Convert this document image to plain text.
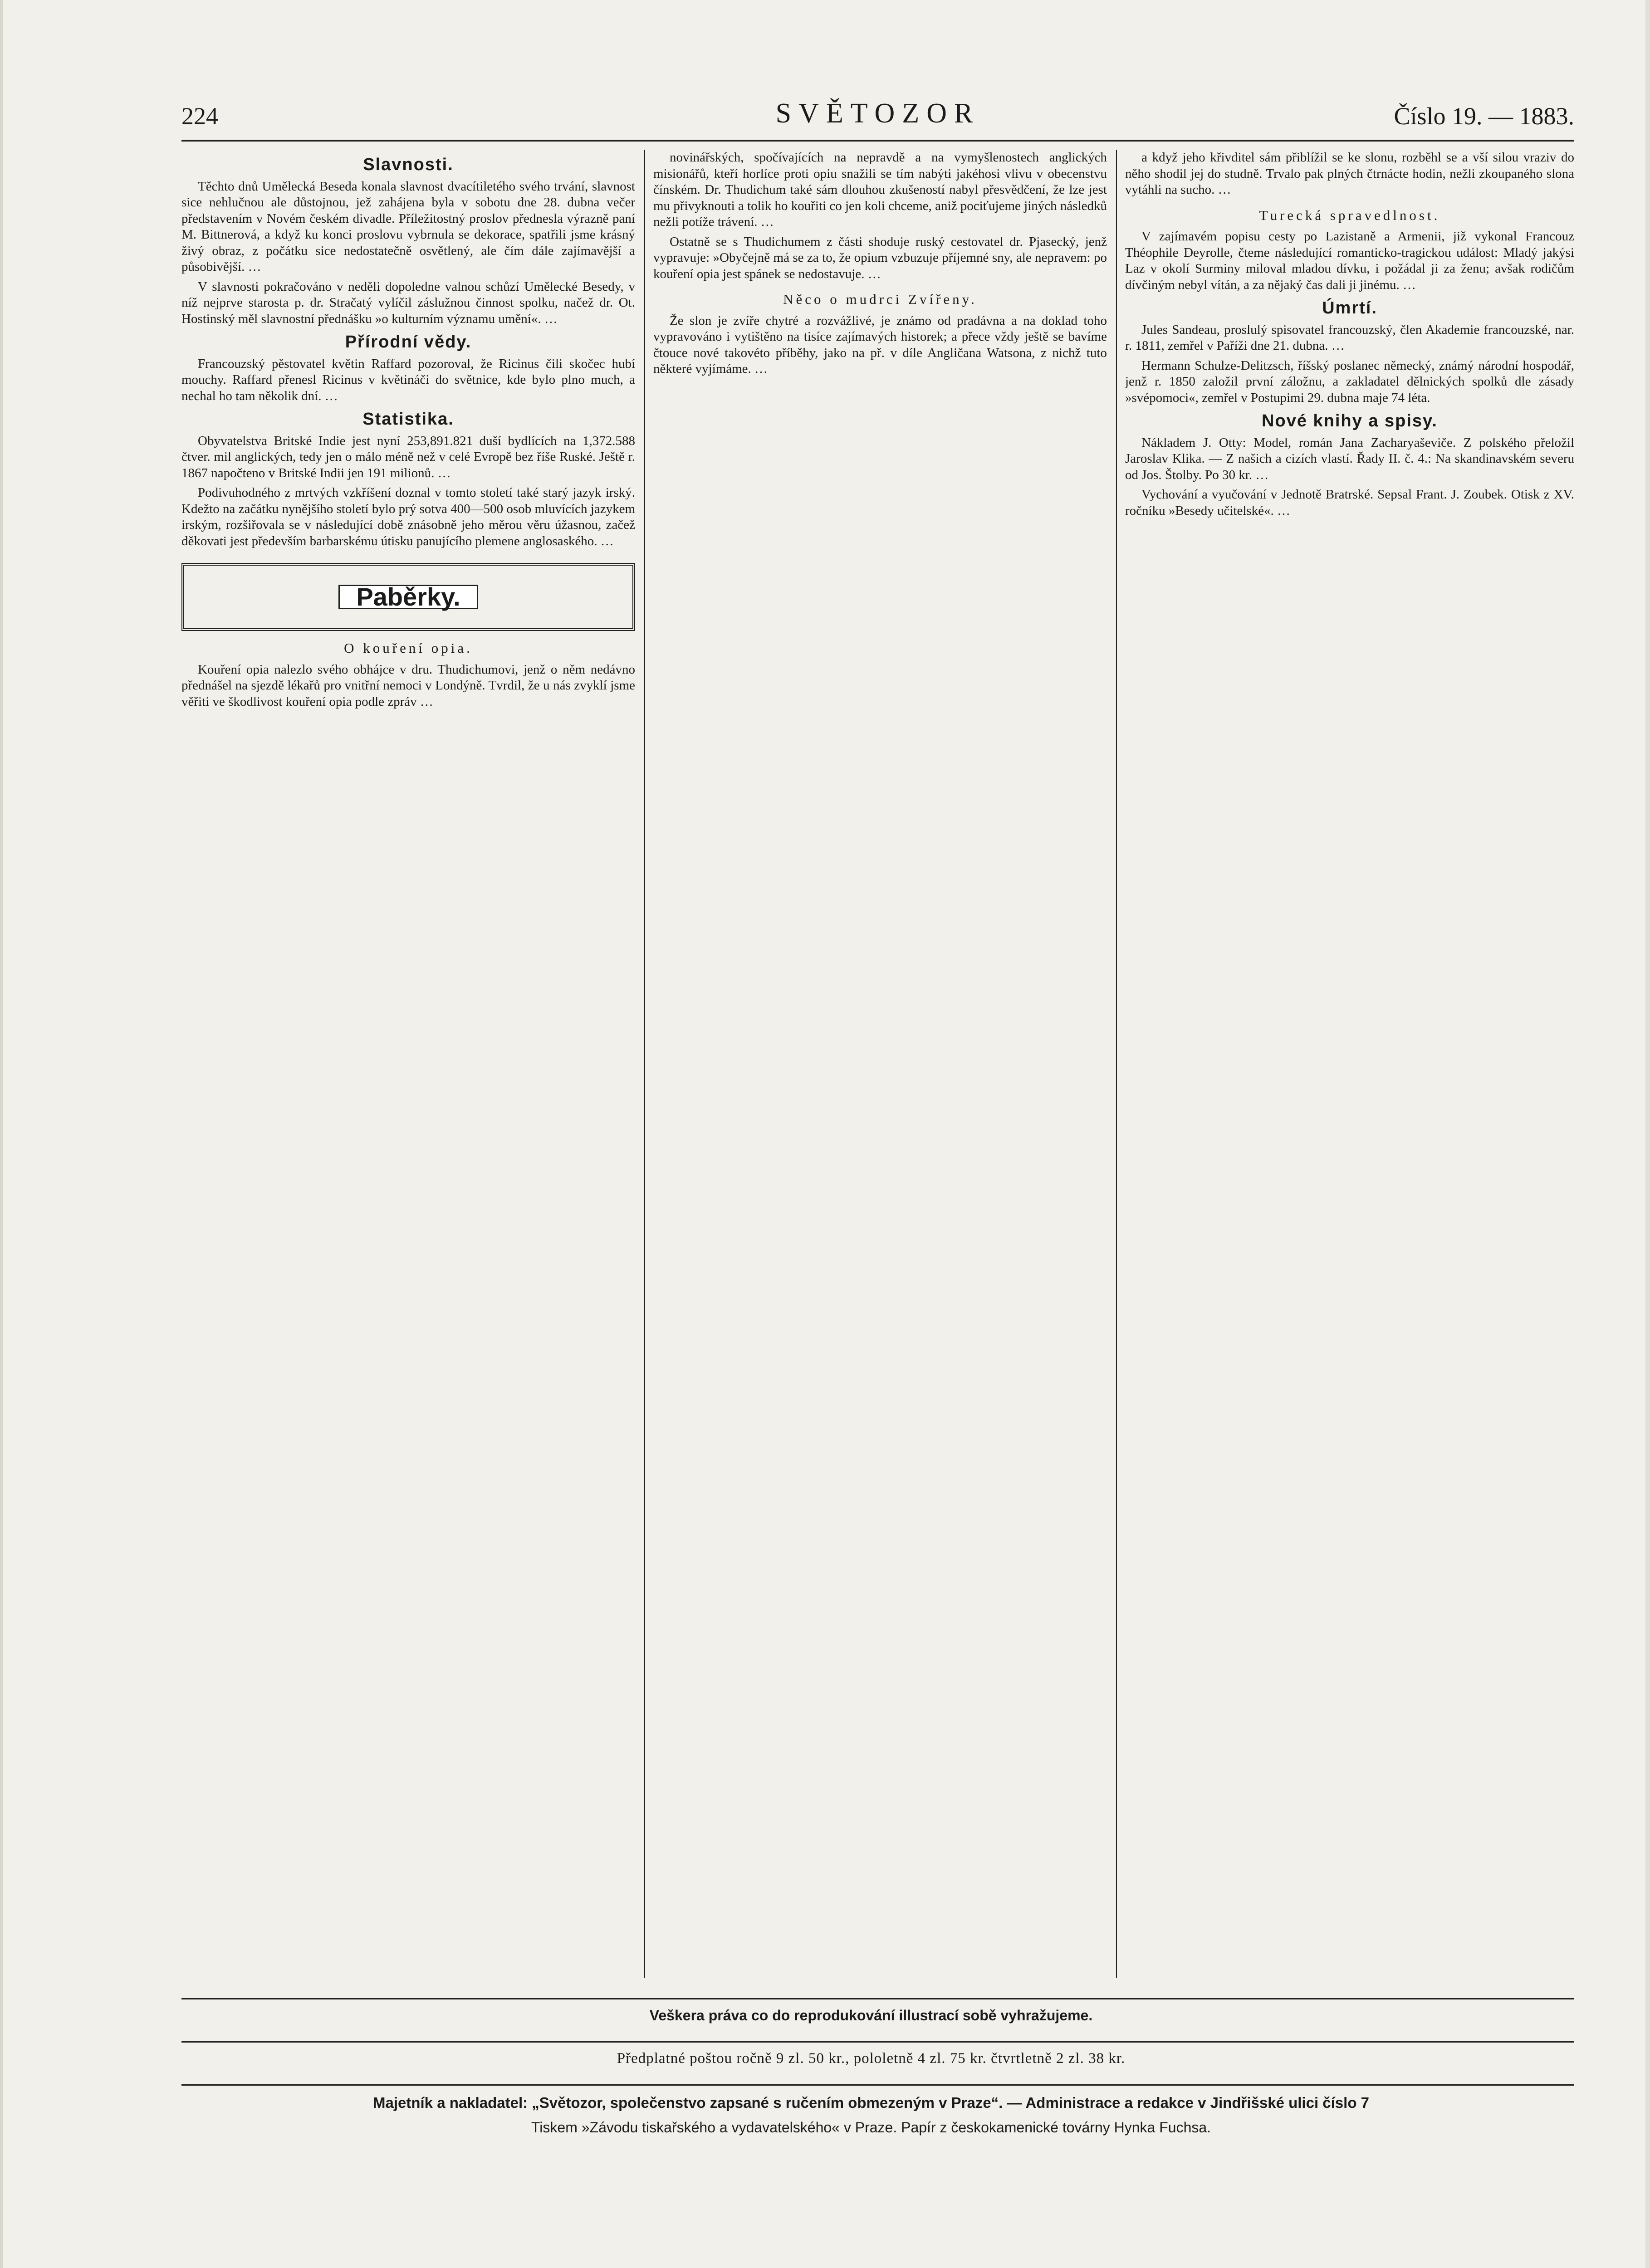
224	SVĚTOZOR	Číslo 19. — 1883.
Slavnosti.

Těchto dnů Umělecká Beseda konala slavnost dvacítiletého svého trvání, slavnost sice nehlučnou ale důstojnou, jež zahájena byla v sobotu dne 28. dubna večer představením v Novém českém divadle. Příležitostný proslov přednesla výrazně paní M. Bittnerová, a když ku konci proslovu vybrnula se dekorace, spatřili jsme krásný živý obraz, z počátku sice nedostatečně osvětlený, ale čím dále zajímavější a působivější. …

V slavnosti pokračováno v neděli dopoledne valnou schůzí Umělecké Besedy, v níž nejprve starosta p. dr. Stračatý vylíčil záslužnou činnost spolku, načež dr. Ot. Hostinský měl slavnostní přednášku »o kulturním významu umění«. …

Přírodní vědy.

Francouzský pěstovatel květin Raffard pozoroval, že Ricinus čili skočec hubí mouchy. Raffard přenesl Ricinus v květináči do světnice, kde bylo plno much, a nechal ho tam několik dní. …

Statistika.

Obyvatelstva Britské Indie jest nyní 253,891.821 duší bydlících na 1,372.588 čtver. mil anglických, tedy jen o málo méně než v celé Evropě bez říše Ruské. Ještě r. 1867 napočteno v Britské Indii jen 191 milionů. …

Podivuhodného z mrtvých vzkříšení doznal v tomto století také starý jazyk irský. Kdežto na začátku nynějšího století bylo prý sotva 400—500 osob mluvících jazykem irským, rozšiřovala se v následující době znásobně jeho měrou věru úžasnou, začež děkovati jest především barbarskému útisku panujícího plemene anglosaského. …

Paběrky.
O kouření opia.

Kouření opia nalezlo svého obhájce v dru. Thudichumovi, jenž o něm nedávno přednášel na sjezdě lékařů pro vnitřní nemoci v Londýně. Tvrdil, že u nás zvyklí jsme věřiti ve škodlivost kouření opia podle zpráv …

novinářských, spočívajících na nepravdě a na vymyšlenostech anglických misionářů, kteří horlíce proti opiu snažili se tím nabýti jakéhosi vlivu v obecenstvu čínském. Dr. Thudichum také sám dlouhou zkušeností nabyl přesvědčení, že lze jest mu přivyknouti a tolik ho kouřiti co jen koli chceme, aniž pociťujeme jiných následků nežli potíže trávení. …

Ostatně se s Thudichumem z části shoduje ruský cestovatel dr. Pjasecký, jenž vypravuje: »Obyčejně má se za to, že opium vzbuzuje příjemné sny, ale nepravem: po kouření opia jest spánek se nedostavuje. …

Něco o mudrci Zvířeny.

Že slon je zvíře chytré a rozvážlivé, je známo od pradávna a na doklad toho vypravováno i vytištěno na tisíce zajímavých historek; a přece vždy ještě se bavíme čtouce nové takovéto příběhy, jako na př. v díle Angličana Watsona, z nichž tuto některé vyjímáme. …

a když jeho křivditel sám přiblížil se ke slonu, rozběhl se a vší silou vraziv do něho shodil jej do studně. Trvalo pak plných čtrnácte hodin, nežli zkoupaného slona vytáhli na sucho. …

Turecká spravedlnost.

V zajímavém popisu cesty po Lazistaně a Armenii, již vykonal Francouz Théophile Deyrolle, čteme následující romanticko-tragickou událost: Mladý jakýsi Laz v okolí Surminy miloval mladou dívku, i požádal ji za ženu; avšak rodičům dívčiným nebyl vítán, a za nějaký čas dali ji jinému. …

Úmrtí.

Jules Sandeau, proslulý spisovatel francouzský, člen Akademie francouzské, nar. r. 1811, zemřel v Paříži dne 21. dubna. …

Hermann Schulze-Delitzsch, říšský poslanec německý, známý národní hospodář, jenž r. 1850 založil první záložnu, a zakladatel dělnických spolků dle zásady »svépomoci«, zemřel v Postupimi 29. dubna maje 74 léta.

Nové knihy a spisy.

Nákladem J. Otty: Model, román Jana Zacharyaševiče. Z polského přeložil Jaroslav Klika. — Z našich a cizích vlastí. Řady II. č. 4.: Na skandinavském severu od Jos. Štolby. Po 30 kr. …

Vychování a vyučování v Jednotě Bratrské. Sepsal Frant. J. Zoubek. Otisk z XV. ročníku »Besedy učitelské«. …

Veškera práva co do reprodukování illustrací sobě vyhražujeme.
Předplatné poštou ročně 9 zl. 50 kr., pololetně 4 zl. 75 kr. čtvrtletně 2 zl. 38 kr.
Majetník a nakladatel: „Světozor, společenstvo zapsané s ručením obmezeným v Praze“. — Administrace a redakce v Jindřišské ulici číslo 7
Tiskem »Závodu tiskařského a vydavatelského« v Praze. Papír z českokamenické továrny Hynka Fuchsa.
